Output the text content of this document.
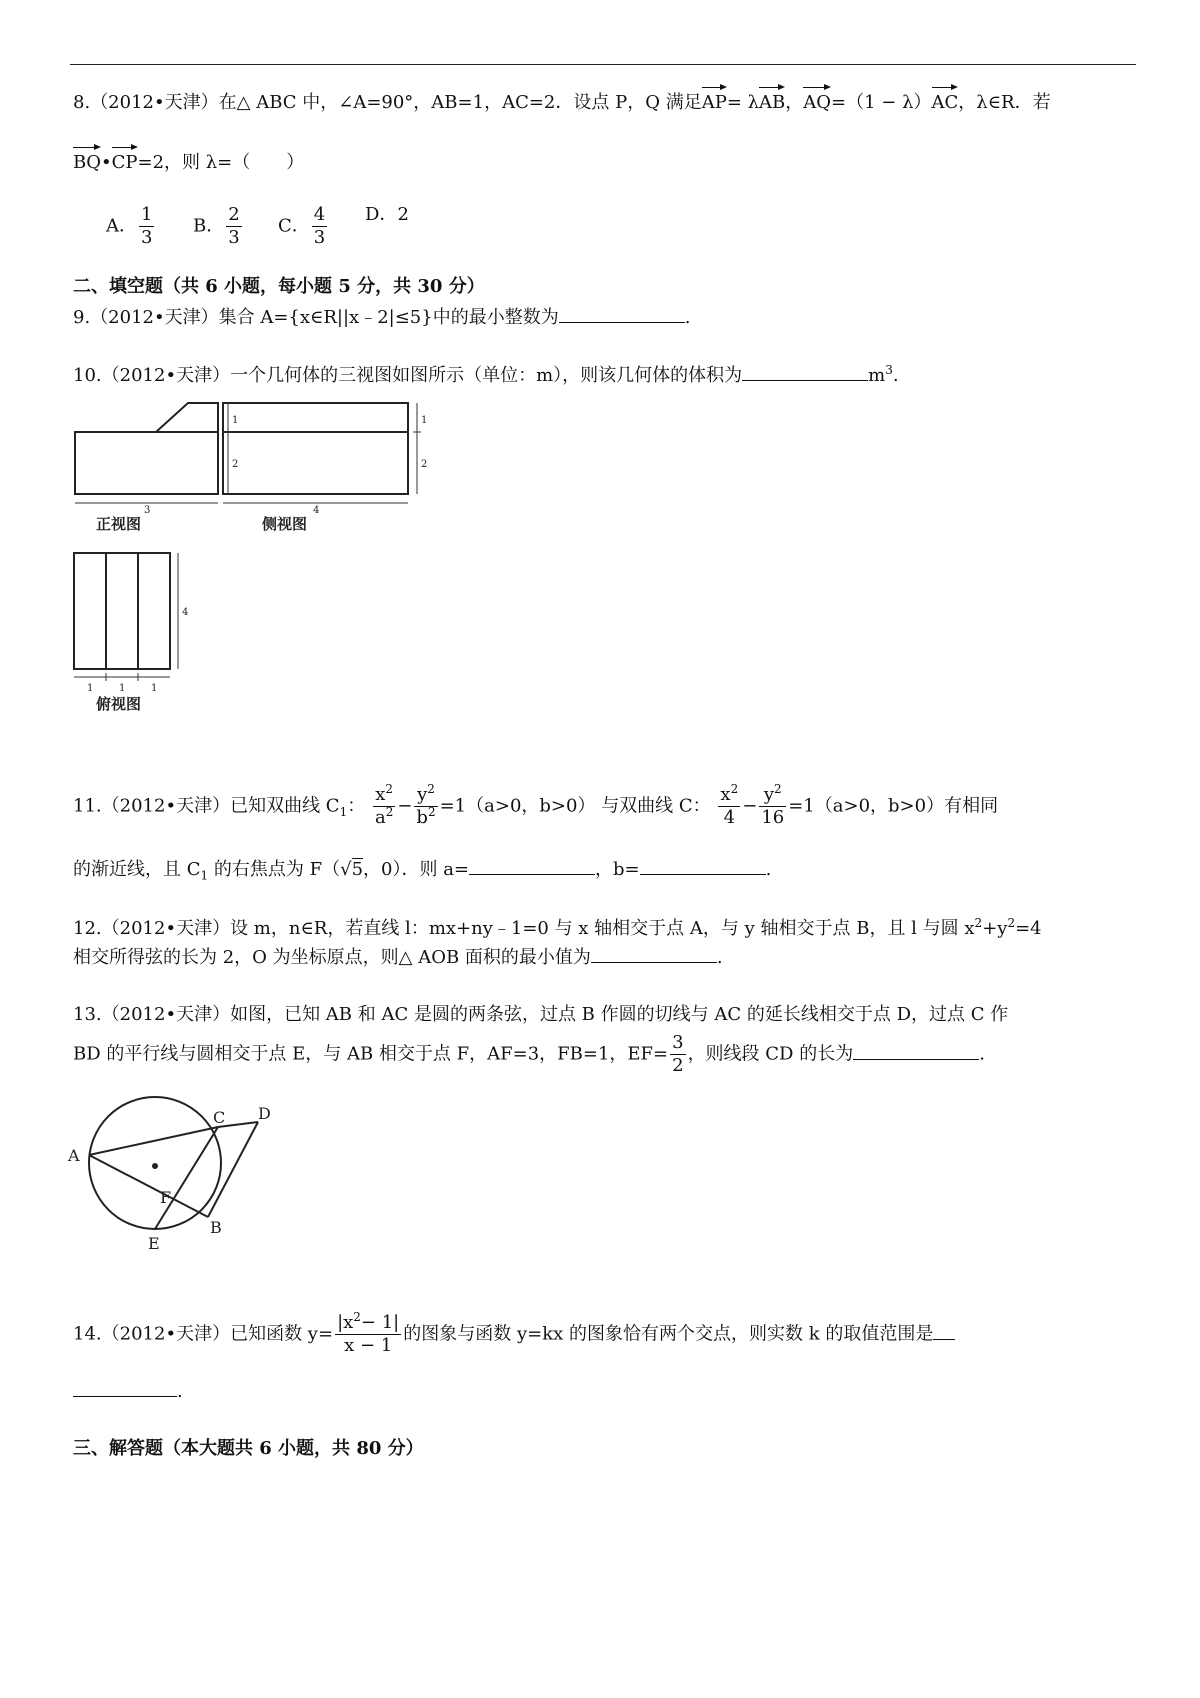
8.（2012•天津）在△ ABC 中，∠A=90°，AB=1，AC=2．设点 P，Q 满足AP= λAB，AQ=（1 − λ）AC，λ∈R．若
BQ•CP=2，则 λ=（　　）
A． $\frac{1}{3}$ B． $\frac{2}{3}$ C． $\frac{4}{3}$ D．2
二、填空题（共 6 小题，每小题 5 分，共 30 分）
9.（2012•天津）集合 A={x∈R||x﹣2|≤5}中的最小整数为	.
10.（2012•天津）一个几何体的三视图如图所示（单位：m），则该几何体的体积为	$m^3$.
1
2
3
1
2
4
4
1	1	1
正视图	侧视图
俯视图
11.（2012•天津）已知双曲线 $C_1$： $\frac{x^2}{a^2} - \frac{y^2}{b^2} =1(a>0$，b>0） 与双曲线 C： $\frac{x^2}{4} - \frac{y^2}{16} =1(a>0$，b>0）有相同
的渐近线，且 $C_1$ 的右焦点为 F（√5，0）．则 a=	，b=	.
12.（2012•天津）设 m，n∈R，若直线 l：mx+ny﹣1=0 与 x 轴相交于点 A，与 y 轴相交于点 B，且 l 与圆 $x^2+y^2=4$
相交所得弦的长为 2，O 为坐标原点，则△ AOB 面积的最小值为	.
13.（2012•天津）如图，已知 AB 和 AC 是圆的两条弦，过点 B 作圆的切线与 AC 的延长线相交于点 D，过点 C 作
BD 的平行线与圆相交于点 E，与 AB 相交于点 F，AF=3，FB=1，$EF= \frac{3}{2}$ ，则线段 CD 的长为	.
A
B
C D
E
F
14.（2012•天津）已知函数 $y= \frac{|x^2- 1|}{x - 1}$ 的图象与函数 y=kx 的图象恰有两个交点，则实数 k 的取值范围是
.
三、解答题（本大题共 6 小题，共 80 分）
